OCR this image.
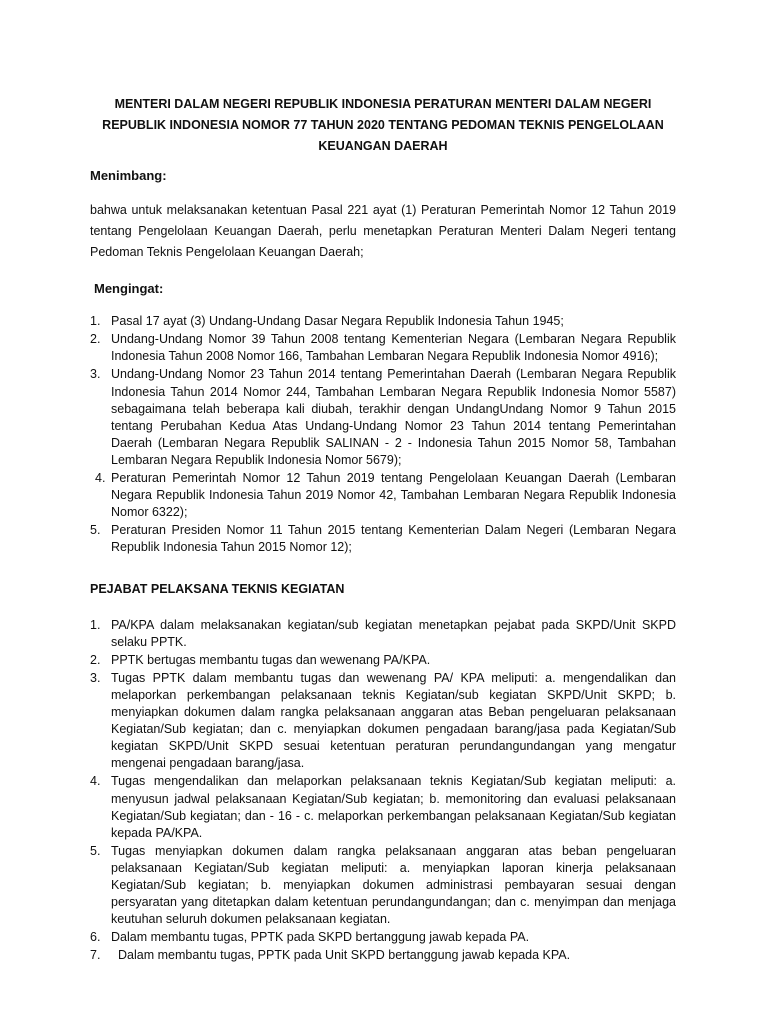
MENTERI DALAM NEGERI REPUBLIK INDONESIA PERATURAN MENTERI DALAM NEGERI REPUBLIK INDONESIA NOMOR 77 TAHUN 2020 TENTANG PEDOMAN TEKNIS PENGELOLAAN KEUANGAN DAERAH
Menimbang:
bahwa untuk melaksanakan ketentuan Pasal 221 ayat (1) Peraturan Pemerintah Nomor 12 Tahun 2019 tentang Pengelolaan Keuangan Daerah, perlu menetapkan Peraturan Menteri Dalam Negeri tentang Pedoman Teknis Pengelolaan Keuangan Daerah;
Mengingat:
1. Pasal 17 ayat (3) Undang-Undang Dasar Negara Republik Indonesia Tahun 1945;
2. Undang-Undang Nomor 39 Tahun 2008 tentang Kementerian Negara (Lembaran Negara Republik Indonesia Tahun 2008 Nomor 166, Tambahan Lembaran Negara Republik Indonesia Nomor 4916);
3. Undang-Undang Nomor 23 Tahun 2014 tentang Pemerintahan Daerah (Lembaran Negara Republik Indonesia Tahun 2014 Nomor 244, Tambahan Lembaran Negara Republik Indonesia Nomor 5587) sebagaimana telah beberapa kali diubah, terakhir dengan UndangUndang Nomor 9 Tahun 2015 tentang Perubahan Kedua Atas Undang-Undang Nomor 23 Tahun 2014 tentang Pemerintahan Daerah (Lembaran Negara Republik SALINAN - 2 - Indonesia Tahun 2015 Nomor 58, Tambahan Lembaran Negara Republik Indonesia Nomor 5679);
4. Peraturan Pemerintah Nomor 12 Tahun 2019 tentang Pengelolaan Keuangan Daerah (Lembaran Negara Republik Indonesia Tahun 2019 Nomor 42, Tambahan Lembaran Negara Republik Indonesia Nomor 6322);
5. Peraturan Presiden Nomor 11 Tahun 2015 tentang Kementerian Dalam Negeri (Lembaran Negara Republik Indonesia Tahun 2015 Nomor 12);
PEJABAT PELAKSANA TEKNIS KEGIATAN
1. PA/KPA dalam melaksanakan kegiatan/sub kegiatan menetapkan pejabat pada SKPD/Unit SKPD selaku PPTK.
2. PPTK bertugas membantu tugas dan wewenang PA/KPA.
3. Tugas PPTK dalam membantu tugas dan wewenang PA/ KPA meliputi: a. mengendalikan dan melaporkan perkembangan pelaksanaan teknis Kegiatan/sub kegiatan SKPD/Unit SKPD; b. menyiapkan dokumen dalam rangka pelaksanaan anggaran atas Beban pengeluaran pelaksanaan Kegiatan/Sub kegiatan; dan c. menyiapkan dokumen pengadaan barang/jasa pada Kegiatan/Sub kegiatan SKPD/Unit SKPD sesuai ketentuan peraturan perundangundangan yang mengatur mengenai pengadaan barang/jasa.
4. Tugas mengendalikan dan melaporkan pelaksanaan teknis Kegiatan/Sub kegiatan meliputi: a. menyusun jadwal pelaksanaan Kegiatan/Sub kegiatan; b. memonitoring dan evaluasi pelaksanaan Kegiatan/Sub kegiatan; dan - 16 - c. melaporkan perkembangan pelaksanaan Kegiatan/Sub kegiatan kepada PA/KPA.
5. Tugas menyiapkan dokumen dalam rangka pelaksanaan anggaran atas beban pengeluaran pelaksanaan Kegiatan/Sub kegiatan meliputi: a. menyiapkan laporan kinerja pelaksanaan Kegiatan/Sub kegiatan; b. menyiapkan dokumen administrasi pembayaran sesuai dengan persyaratan yang ditetapkan dalam ketentuan perundangundangan; dan c. menyimpan dan menjaga keutuhan seluruh dokumen pelaksanaan kegiatan.
6. Dalam membantu tugas, PPTK pada SKPD bertanggung jawab kepada PA.
7. Dalam membantu tugas, PPTK pada Unit SKPD bertanggung jawab kepada KPA.
